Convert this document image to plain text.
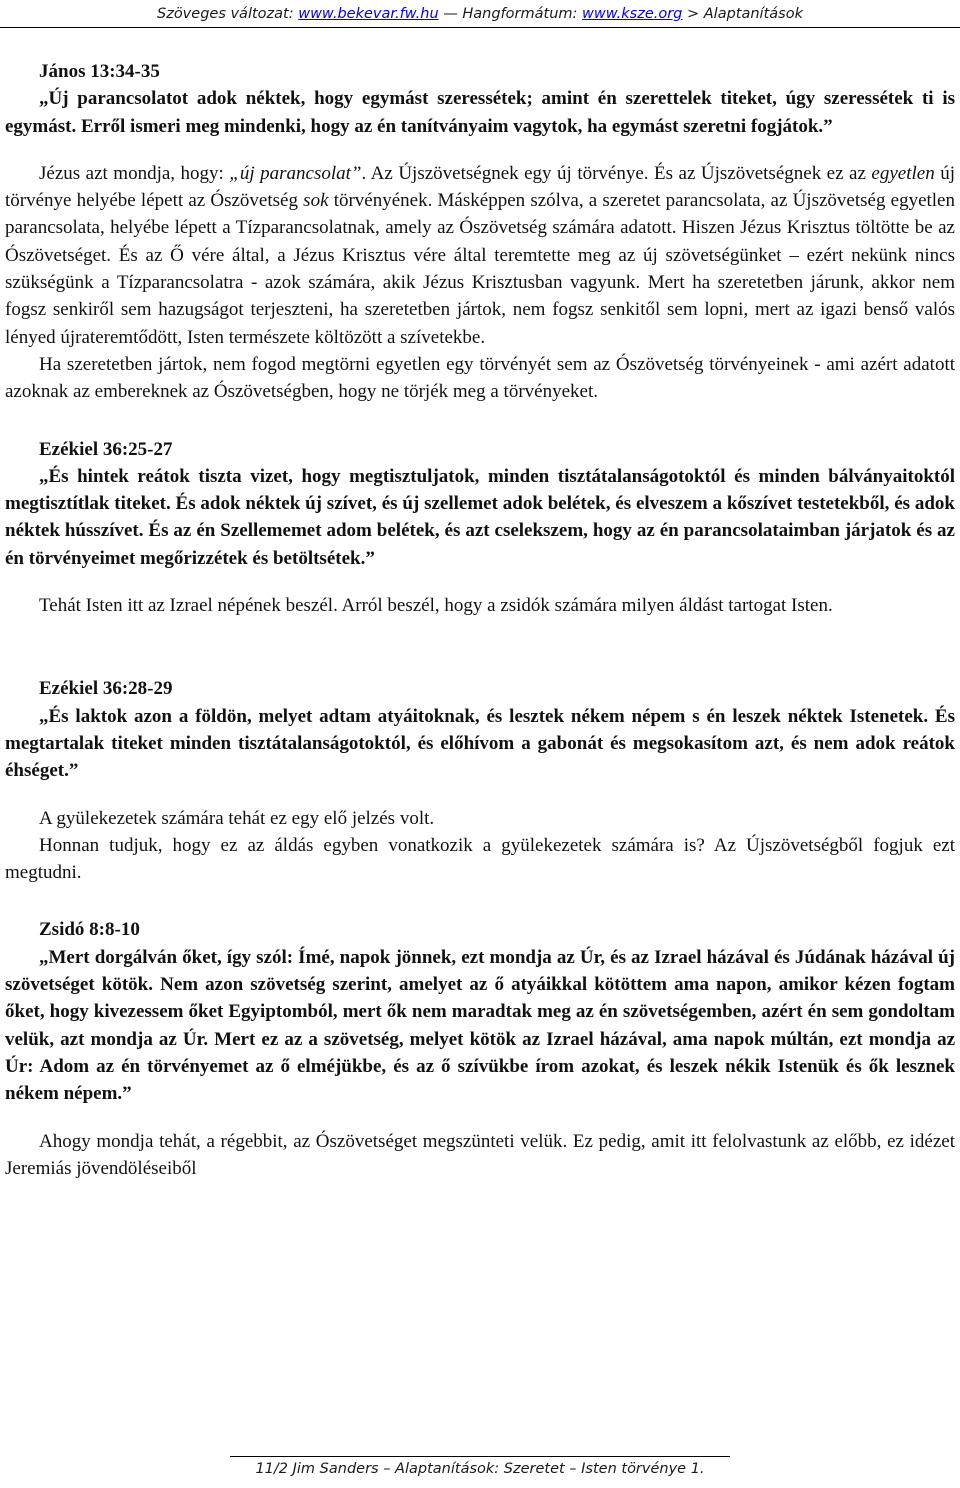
Szöveges változat: www.bekevar.fw.hu — Hangformátum: www.ksze.org > Alaptanítások

János 13:34-35

„Új parancsolatot adok néktek, hogy egymást szeressétek; amint én szerettelek titeket, úgy szeressétek ti is egymást. Erről ismeri meg mindenki, hogy az én tanítványaim vagytok, ha egymást szeretni fogjátok.”

Jézus azt mondja, hogy: „új parancsolat”. Az Újszövetségnek egy új törvénye. És az Újszövetségnek ez az egyetlen új törvénye helyébe lépett az Ószövetség sok törvényének. Másképpen szólva, a szeretet parancsolata, az Újszövetség egyetlen parancsolata, helyébe lépett a Tízparancsolatnak, amely az Ószövetség számára adatott. Hiszen Jézus Krisztus töltötte be az Ószövetséget. És az Ő vére által, a Jézus Krisztus vére által teremtette meg az új szövetségünket – ezért nekünk nincs szükségünk a Tízparancsolatra - azok számára, akik Jézus Krisztusban vagyunk. Mert ha szeretetben járunk, akkor nem fogsz senkiről sem hazugságot terjeszteni, ha szeretetben jártok, nem fogsz senkitől sem lopni, mert az igazi benső valós lényed újrateremtődött, Isten természete költözött a szívetekbe.

Ha szeretetben jártok, nem fogod megtörni egyetlen egy törvényét sem az Ószövetség törvényeinek - ami azért adatott azoknak az embereknek az Ószövetségben, hogy ne törjék meg a törvényeket.

Ezékiel 36:25-27

„És hintek reátok tiszta vizet, hogy megtisztuljatok, minden tisztátalanságotoktól és minden bálványaitoktól megtisztítlak titeket. És adok néktek új szívet, és új szellemet adok belétek, és elveszem a kőszívet testetekből, és adok néktek hússzívet. És az én Szellememet adom belétek, és azt cselekszem, hogy az én parancsolataimban járjatok és az én törvényeimet megőrizzétek és betöltsétek.”

Tehát Isten itt az Izrael népének beszél. Arról beszél, hogy a zsidók számára milyen áldást tartogat Isten.

Ezékiel 36:28-29

„És laktok azon a földön, melyet adtam atyáitoknak, és lesztek nékem népem s én leszek néktek Istenetek. És megtartalak titeket minden tisztátalanságotoktól, és előhívom a gabonát és megsokasítom azt, és nem adok reátok éhséget.”

A gyülekezetek számára tehát ez egy elő jelzés volt.

Honnan tudjuk, hogy ez az áldás egyben vonatkozik a gyülekezetek számára is? Az Újszövetségből fogjuk ezt megtudni.

Zsidó 8:8-10

„Mert dorgálván őket, így szól: Ímé, napok jönnek, ezt mondja az Úr, és az Izrael házával és Júdának házával új szövetséget kötök. Nem azon szövetség szerint, amelyet az ő atyáikkal kötöttem ama napon, amikor kézen fogtam őket, hogy kivezessem őket Egyiptomból, mert ők nem maradtak meg az én szövetségemben, azért én sem gondoltam velük, azt mondja az Úr. Mert ez az a szövetség, melyet kötök az Izrael házával, ama napok múltán, ezt mondja az Úr: Adom az én törvényemet az ő elméjükbe, és az ő szívükbe írom azokat, és leszek nékik Istenük és ők lesznek nékem népem.”

Ahogy mondja tehát, a régebbit, az Ószövetséget megszünteti velük. Ez pedig, amit itt felolvastunk az előbb, ez idézet Jeremiás jövendöléseiből

11/2 Jim Sanders – Alaptanítások: Szeretet – Isten törvénye 1.
